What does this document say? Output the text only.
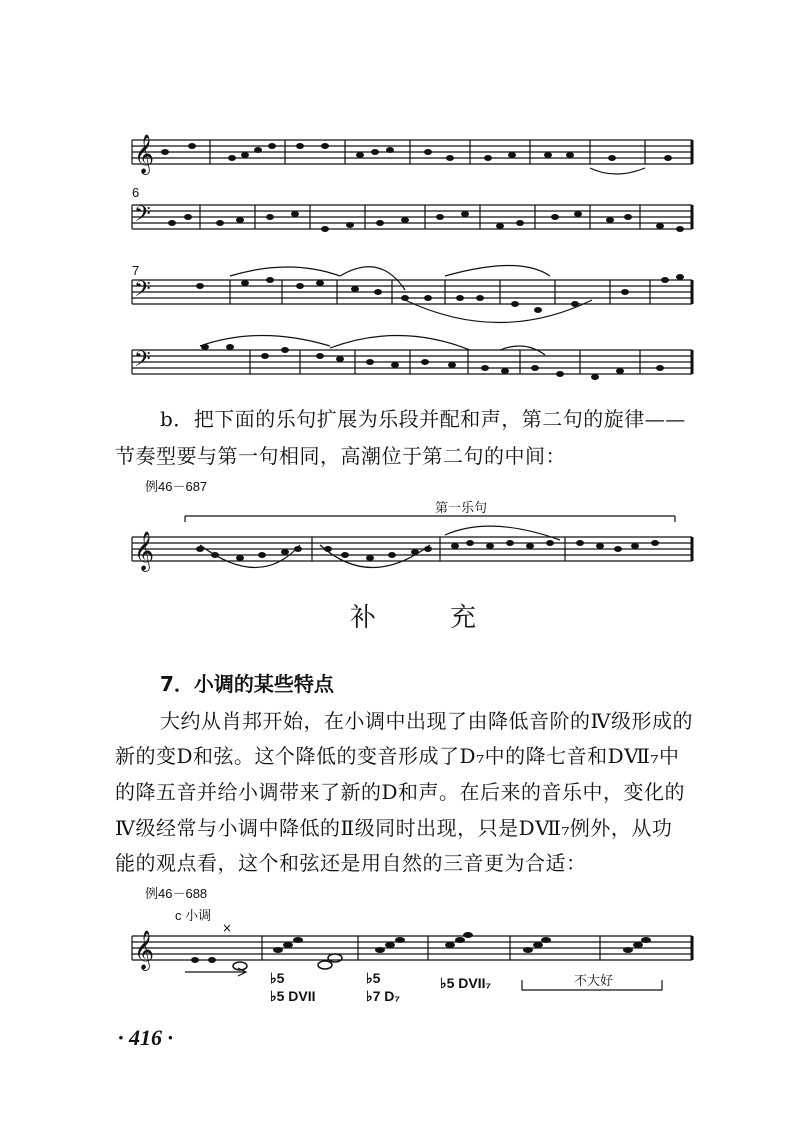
𝄞
𝄢
𝄢
𝄢
𝄞
𝄞
×
6
7
b．把下面的乐句扩展为乐段并配和声，第二句的旋律——
节奏型要与第一句相同，高潮位于第二句的中间：
例46－687
第一乐句
补	充
7．小调的某些特点
大约从肖邦开始，在小调中出现了由降低音阶的Ⅳ级形成的
新的变D和弦。这个降低的变音形成了D₇中的降七音和DⅦ₇中
的降五音并给小调带来了新的D和声。在后来的音乐中，变化的
Ⅳ级经常与小调中降低的Ⅱ级同时出现，只是DⅦ₇例外，从功
能的观点看，这个和弦还是用自然的三音更为合适：
例46－688
c 小调
♭5
♭5 DVII
♭5
♭7 D₇
♭5 DVII₇	不大好
· 416 ·
